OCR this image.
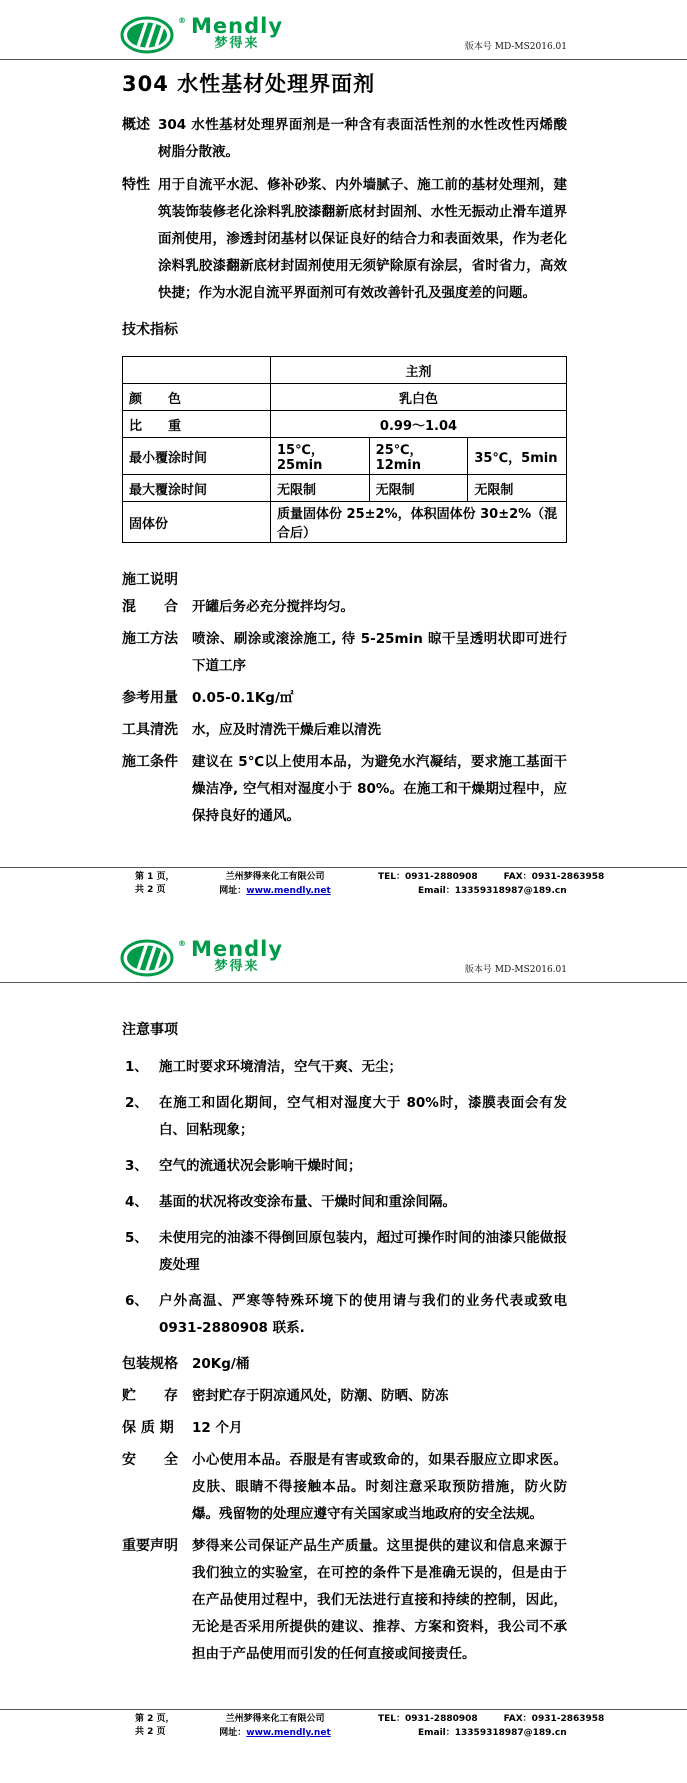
® Mendly
梦得来	版本号 MD-MS2016.01
304 水性基材处理界面剂
概述 304 水性基材处理界面剂是一种含有表面活性剂的水性改性丙烯酸树脂分散液。
特性 用于自流平水泥、修补砂浆、内外墙腻子、施工前的基材处理剂，建筑装饰装修老化涂料乳胶漆翻新底材封固剂、水性无振动止滑车道界面剂使用，渗透封闭基材以保证良好的结合力和表面效果，作为老化涂料乳胶漆翻新底材封固剂使用无须铲除原有涂层，省时省力，高效快捷；作为水泥自流平界面剂可有效改善针孔及强度差的问题。
技术指标
	主剂		
颜　　色	乳白色		
比　　重	0.99～1.04		
最小覆涂时间	15℃，25min	25℃，12min	35℃，5min
最大覆涂时间	无限制	无限制	无限制
固体份	质量固体份 25±2%，体积固体份 30±2%（混合后）		
施工说明
混　　合	开罐后务必充分搅拌均匀。
施工方法	喷涂、刷涂或滚涂施工, 待 5-25min 晾干呈透明状即可进行下道工序
参考用量	0.05-0.1Kg/㎡
工具清洗	水，应及时清洗干燥后难以清洗
施工条件	建议在 5℃以上使用本品，为避免水汽凝结，要求施工基面干燥洁净, 空气相对湿度小于 80%。在施工和干燥期过程中，应保持良好的通风。
第 1 页，共 2 页
兰州梦得来化工有限公司
网址：www.mendly.net
TEL：0931-2880908	FAX：0931-2863958
Email：13359318987@189.cn
® Mendly
梦得来	版本号 MD-MS2016.01
注意事项
1、 施工时要求环境清洁，空气干爽、无尘；
2、 在施工和固化期间，空气相对湿度大于 80%时，漆膜表面会有发白、回粘现象；
3、 空气的流通状况会影响干燥时间；
4、 基面的状况将改变涂布量、干燥时间和重涂间隔。
5、 未使用完的油漆不得倒回原包装内，超过可操作时间的油漆只能做报废处理
6、 户外高温、严寒等特殊环境下的使用请与我们的业务代表或致电 0931-2880908 联系.
包装规格	20Kg/桶
贮　　存	密封贮存于阴凉通风处，防潮、防晒、防冻
保 质 期	12 个月
安　　全	小心使用本品。吞服是有害或致命的，如果吞服应立即求医。皮肤、眼睛不得接触本品。时刻注意采取预防措施，防火防爆。残留物的处理应遵守有关国家或当地政府的安全法规。
重要声明	梦得来公司保证产品生产质量。这里提供的建议和信息来源于我们独立的实验室，在可控的条件下是准确无误的，但是由于在产品使用过程中，我们无法进行直接和持续的控制，因此，无论是否采用所提供的建议、推荐、方案和资料，我公司不承担由于产品使用而引发的任何直接或间接责任。
第 2 页，共 2 页
兰州梦得来化工有限公司
网址：www.mendly.net
TEL：0931-2880908	FAX：0931-2863958
Email：13359318987@189.cn
